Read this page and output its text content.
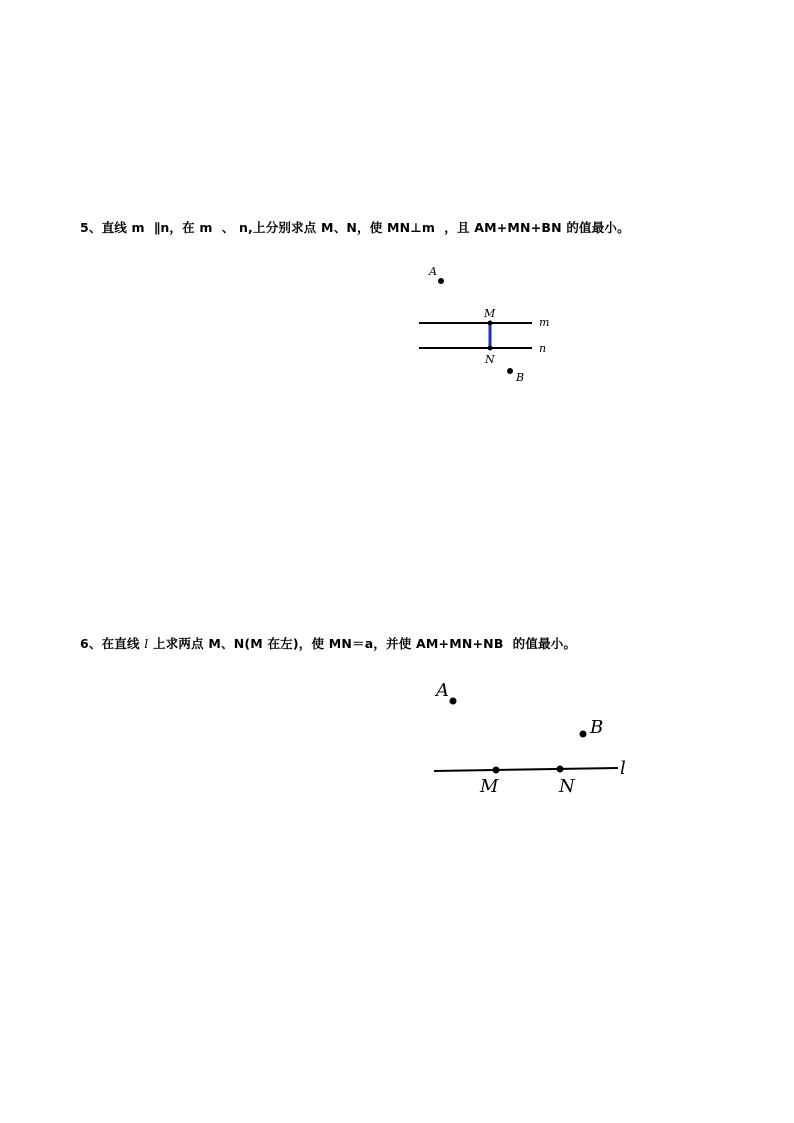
5、直线 m  ∥n，在 m  、 n,上分别求点 M、N，使 MN⊥m  ，且 AM+MN+BN 的值最小。
A
M
N
B
m
n
6、在直线 l 上求两点 M、N(M 在左)，使 MN＝a，并使 AM+MN+NB  的值最小。
A
B
M	N
l
